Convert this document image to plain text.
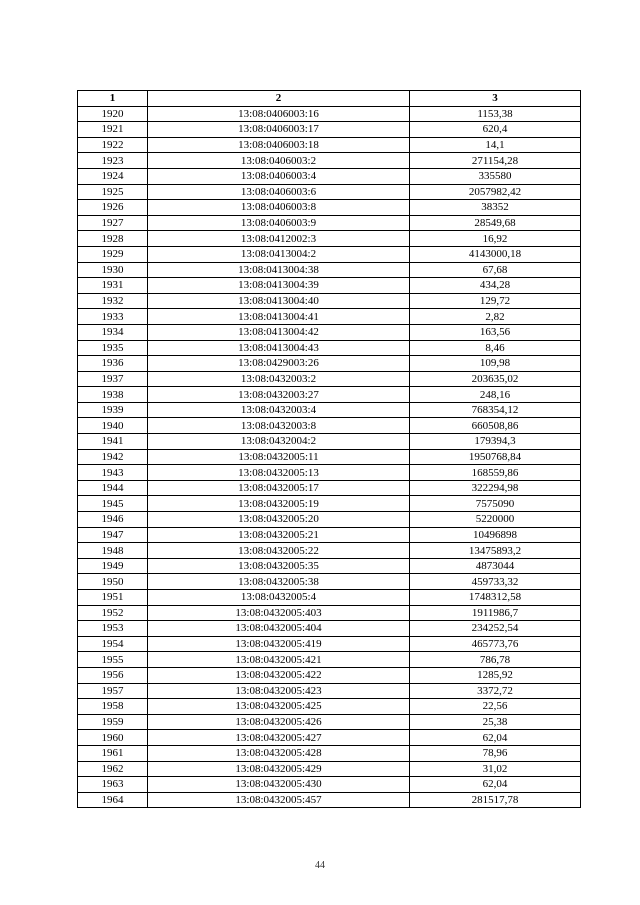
1	2	3
1920	13:08:0406003:16	1153,38
1921	13:08:0406003:17	620,4
1922	13:08:0406003:18	14,1
1923	13:08:0406003:2	271154,28
1924	13:08:0406003:4	335580
1925	13:08:0406003:6	2057982,42
1926	13:08:0406003:8	38352
1927	13:08:0406003:9	28549,68
1928	13:08:0412002:3	16,92
1929	13:08:0413004:2	4143000,18
1930	13:08:0413004:38	67,68
1931	13:08:0413004:39	434,28
1932	13:08:0413004:40	129,72
1933	13:08:0413004:41	2,82
1934	13:08:0413004:42	163,56
1935	13:08:0413004:43	8,46
1936	13:08:0429003:26	109,98
1937	13:08:0432003:2	203635,02
1938	13:08:0432003:27	248,16
1939	13:08:0432003:4	768354,12
1940	13:08:0432003:8	660508,86
1941	13:08:0432004:2	179394,3
1942	13:08:0432005:11	1950768,84
1943	13:08:0432005:13	168559,86
1944	13:08:0432005:17	322294,98
1945	13:08:0432005:19	7575090
1946	13:08:0432005:20	5220000
1947	13:08:0432005:21	10496898
1948	13:08:0432005:22	13475893,2
1949	13:08:0432005:35	4873044
1950	13:08:0432005:38	459733,32
1951	13:08:0432005:4	1748312,58
1952	13:08:0432005:403	1911986,7
1953	13:08:0432005:404	234252,54
1954	13:08:0432005:419	465773,76
1955	13:08:0432005:421	786,78
1956	13:08:0432005:422	1285,92
1957	13:08:0432005:423	3372,72
1958	13:08:0432005:425	22,56
1959	13:08:0432005:426	25,38
1960	13:08:0432005:427	62,04
1961	13:08:0432005:428	78,96
1962	13:08:0432005:429	31,02
1963	13:08:0432005:430	62,04
1964	13:08:0432005:457	281517,78
44
